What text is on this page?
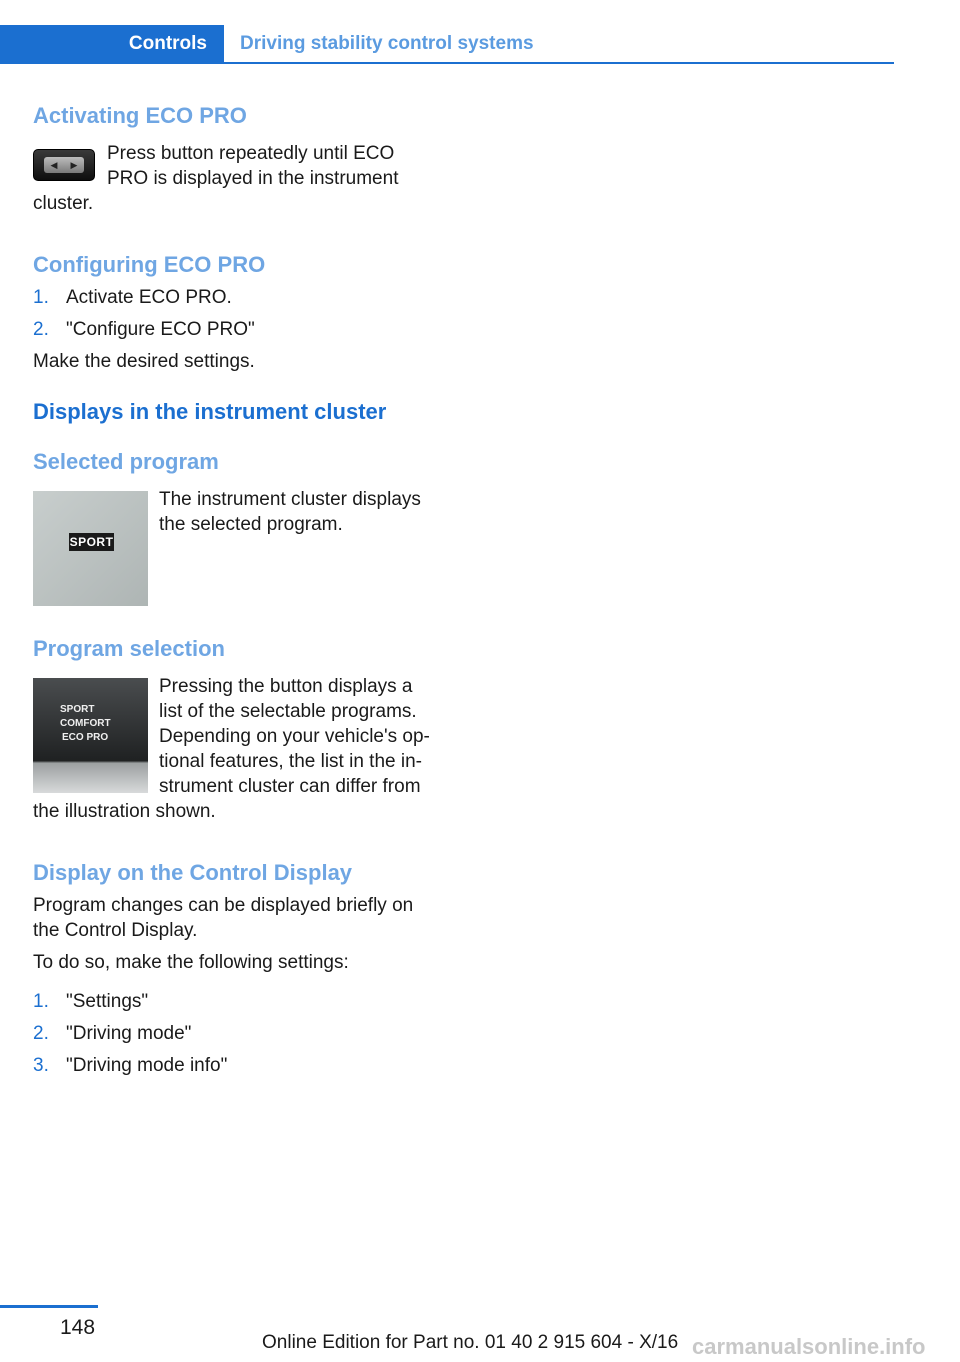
Controls Driving stability control systems
Activating ECO PRO
◀ ▶
Press button repeatedly until ECO
PRO is displayed in the instrument
cluster.
Configuring ECO PRO
1. Activate ECO PRO.
2. "Configure ECO PRO"
Make the desired settings.
Displays in the instrument cluster
Selected program
SPORT
The instrument cluster displays
the selected program.
Program selection
SPORT
COMFORT
ECO PRO
Pressing the button displays a
list of the selectable programs.
Depending on your vehicle's op‐
tional features, the list in the in‐
strument cluster can differ from
the illustration shown.
Display on the Control Display
Program changes can be displayed briefly on
the Control Display.
To do so, make the following settings:
1. "Settings"
2. "Driving mode"
3. "Driving mode info"
148
Online Edition for Part no. 01 40 2 915 604 - X/16 carmanualsonline.info
